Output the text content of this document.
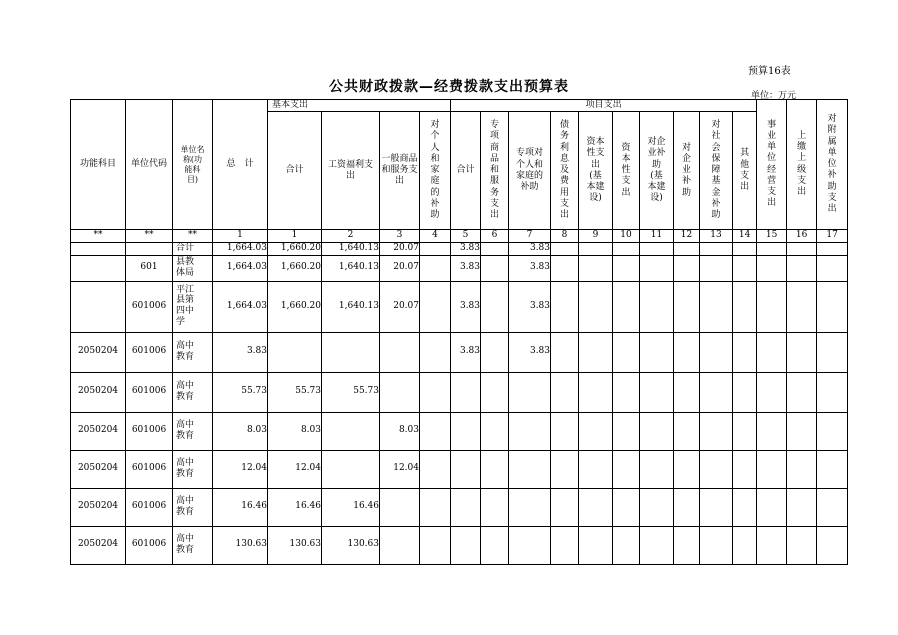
预算16表
公共财政拨款—经费拨款支出预算表
单位：万元
功能科目	单位代码	单位名称(功能科目)	总　计	基本支出				项目支出										事业单位经营支出	上缴上级支出	对附属单位补助支出
				合计	工资福利支出	一般商品和服务支出	对个人和家庭的补助	合计	专项商品和服务支出	专项对个人和家庭的补助	债务利息及费用支出	资本性支出(基本建设)	资本性支出	对企业补助(基本建设)	对企业补助	对社会保障基金补助	其他支出			
**	**	**	1	1	2	3	4	5	6	7	8	9	10	11	12	13	14	15	16	17
		合计	1,664.03	1,660.20	1,640.13	20.07		3.83		3.83										
	601	县教体局	1,664.03	1,660.20	1,640.13	20.07		3.83		3.83										
	601006	平江县第四中学	1,664.03	1,660.20	1,640.13	20.07		3.83		3.83										
2050204	601006	高中教育	3.83					3.83		3.83										
2050204	601006	高中教育	55.73	55.73	55.73															
2050204	601006	高中教育	8.03	8.03		8.03														
2050204	601006	高中教育	12.04	12.04		12.04														
2050204	601006	高中教育	16.46	16.46	16.46															
2050204	601006	高中教育	130.63	130.63	130.63															
